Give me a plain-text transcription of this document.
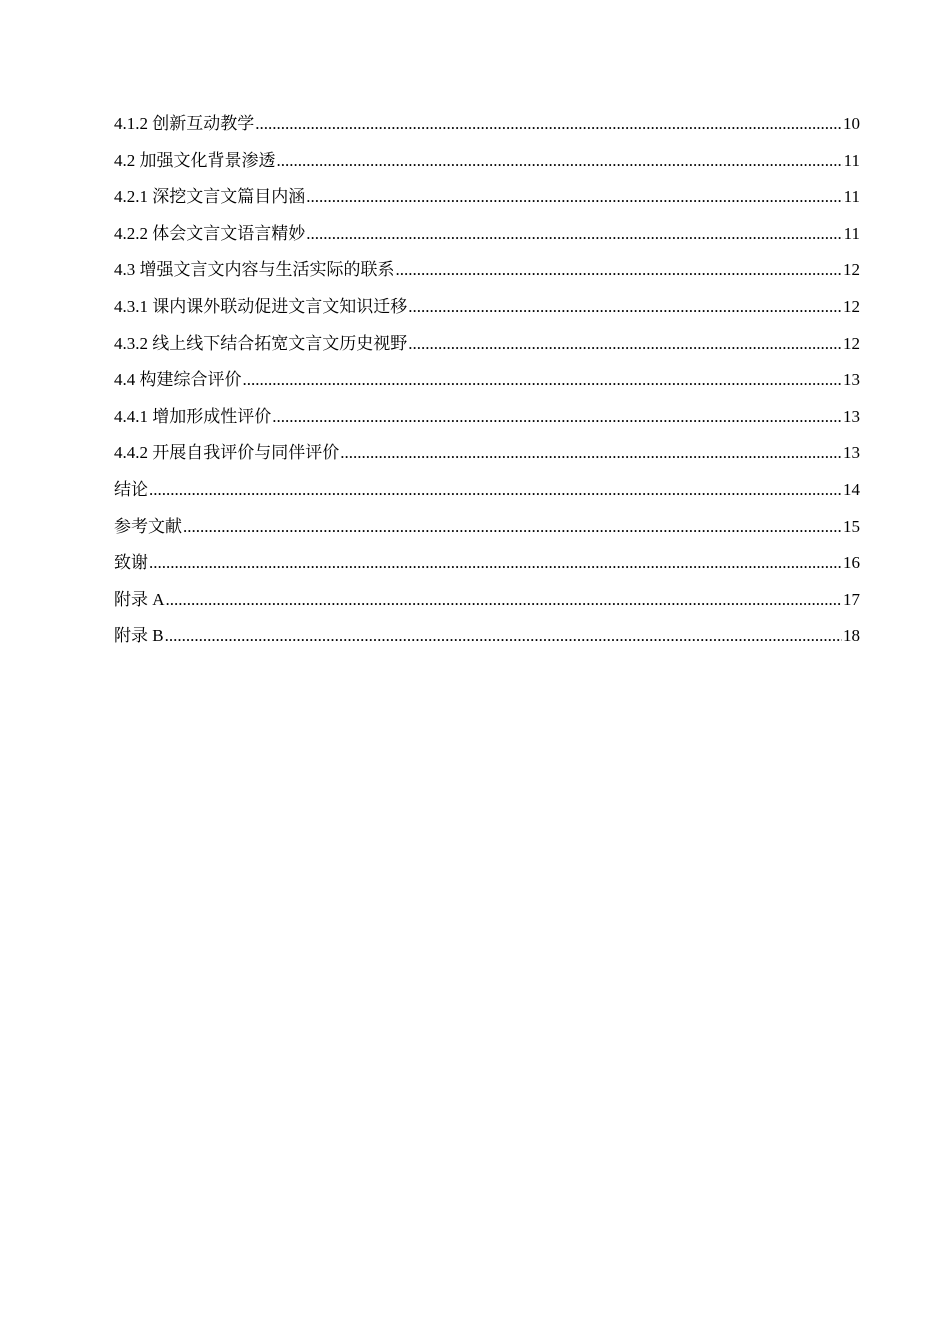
4.1.2 创新互动教学 .....	10
4.2 加强文化背景渗透 .....	11
4.2.1 深挖文言文篇目内涵 .....	11
4.2.2 体会文言文语言精妙 .....	11
4.3 增强文言文内容与生活实际的联系 .....	12
4.3.1 课内课外联动促进文言文知识迁移 .....	12
4.3.2 线上线下结合拓宽文言文历史视野 .....	12
4.4 构建综合评价 .....	13
4.4.1 增加形成性评价 .....	13
4.4.2 开展自我评价与同伴评价 .....	13
结论 .....	14
参考文献 .....	15
致谢 .....	16
附录 A .....	17
附录 B .....	18
